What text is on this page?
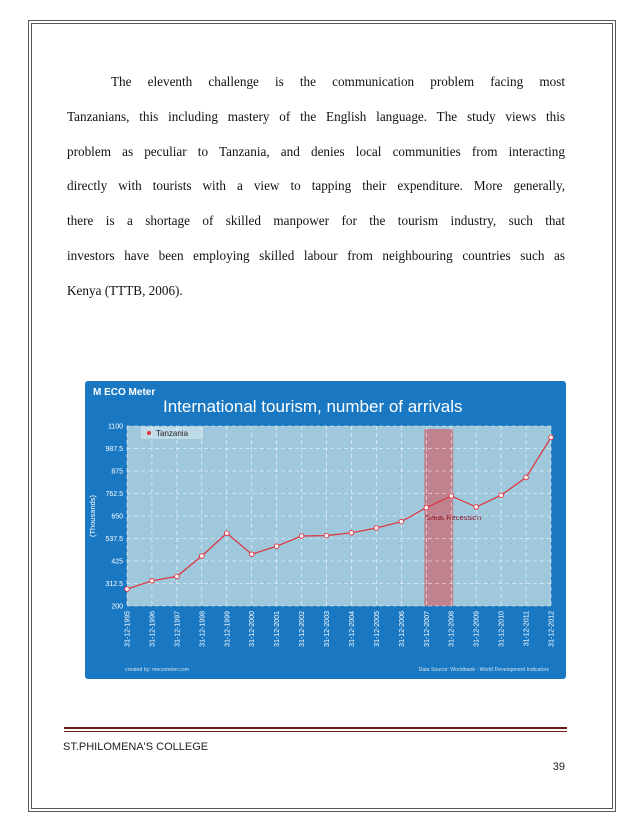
The eleventh challenge is the communication problem facing most
Tanzanians, this including mastery of the English language. The study views this
problem as peculiar to Tanzania, and denies local communities from interacting
directly with tourists with a view to tapping their expenditure. More generally,
there is a shortage of skilled manpower for the tourism industry, such that
investors have been employing skilled labour from neighbouring countries such as
Kenya (TTTB, 2006).
M ECO Meter
International tourism, number of arrivals
Great Recession
1100
987.5
875
762.5
650
537.5
425
312.5
200
31-12-1995	31-12-1996	31-12-1997	31-12-1998	31-12-1999	31-12-2000	31-12-2001	31-12-2002	31-12-2003	31-12-2004	31-12-2005	31-12-2006	31-12-2007	31-12-2008	31-12-2009	31-12-2010	31-12-2011	31-12-2012
(Thousands)
Tanzania
created by: mecometer.com	Data Source: Worldbank - World Development Indicators
ST.PHILOMENA'S COLLEGE
39
